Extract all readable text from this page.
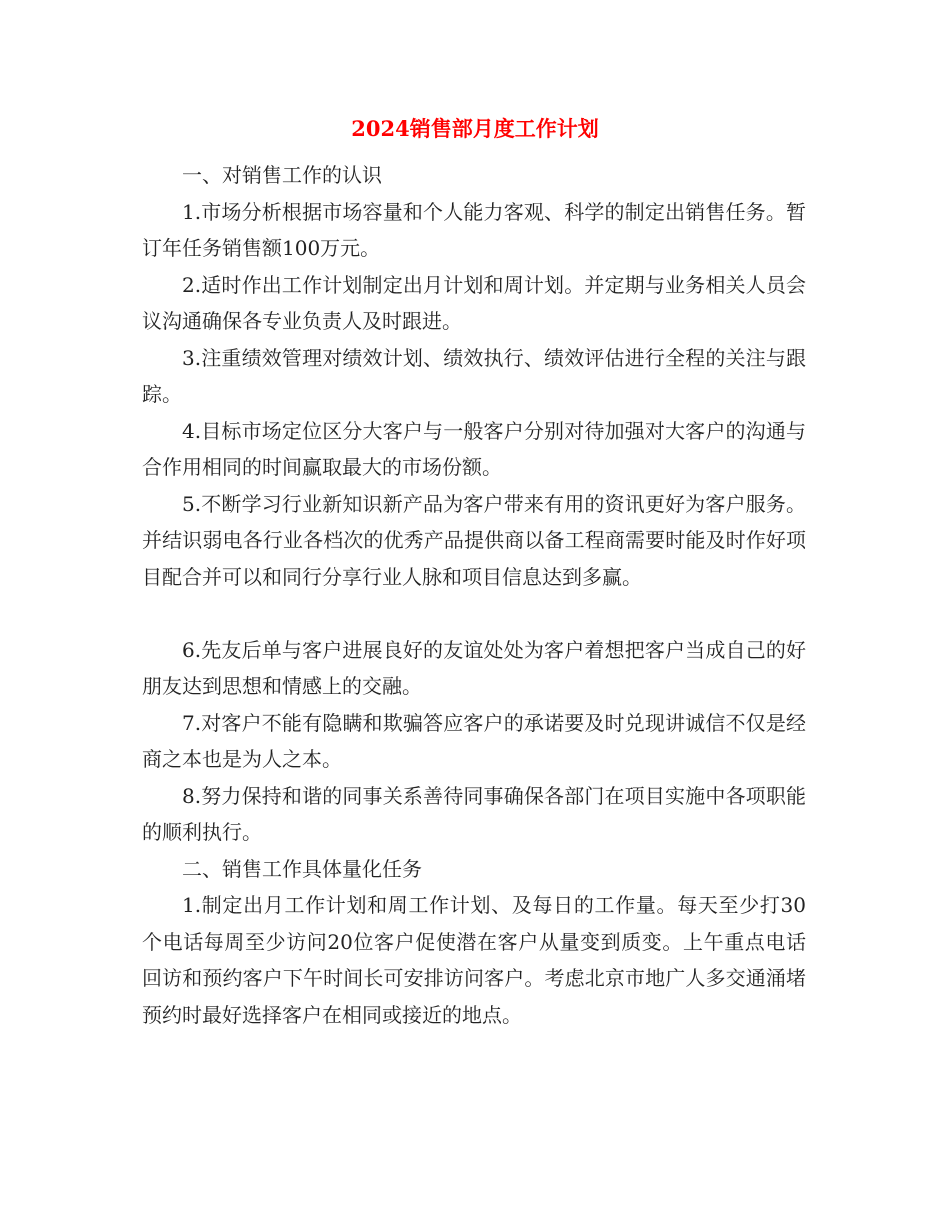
2024销售部月度工作计划

一、对销售工作的认识

1.市场分析根据市场容量和个人能力客观、科学的制定出销售任务。暂订年任务销售额100万元。

2.适时作出工作计划制定出月计划和周计划。并定期与业务相关人员会议沟通确保各专业负责人及时跟进。

3.注重绩效管理对绩效计划、绩效执行、绩效评估进行全程的关注与跟踪。

4.目标市场定位区分大客户与一般客户分别对待加强对大客户的沟通与合作用相同的时间赢取最大的市场份额。

5.不断学习行业新知识新产品为客户带来有用的资讯更好为客户服务。并结识弱电各行业各档次的优秀产品提供商以备工程商需要时能及时作好项目配合并可以和同行分享行业人脉和项目信息达到多赢。

6.先友后单与客户进展良好的友谊处处为客户着想把客户当成自己的好朋友达到思想和情感上的交融。

7.对客户不能有隐瞒和欺骗答应客户的承诺要及时兑现讲诚信不仅是经商之本也是为人之本。

8.努力保持和谐的同事关系善待同事确保各部门在项目实施中各项职能的顺利执行。

二、销售工作具体量化任务

1.制定出月工作计划和周工作计划、及每日的工作量。每天至少打30个电话每周至少访问20位客户促使潜在客户从量变到质变。上午重点电话回访和预约客户下午时间长可安排访问客户。考虑北京市地广人多交通涌堵预约时最好选择客户在相同或接近的地点。
